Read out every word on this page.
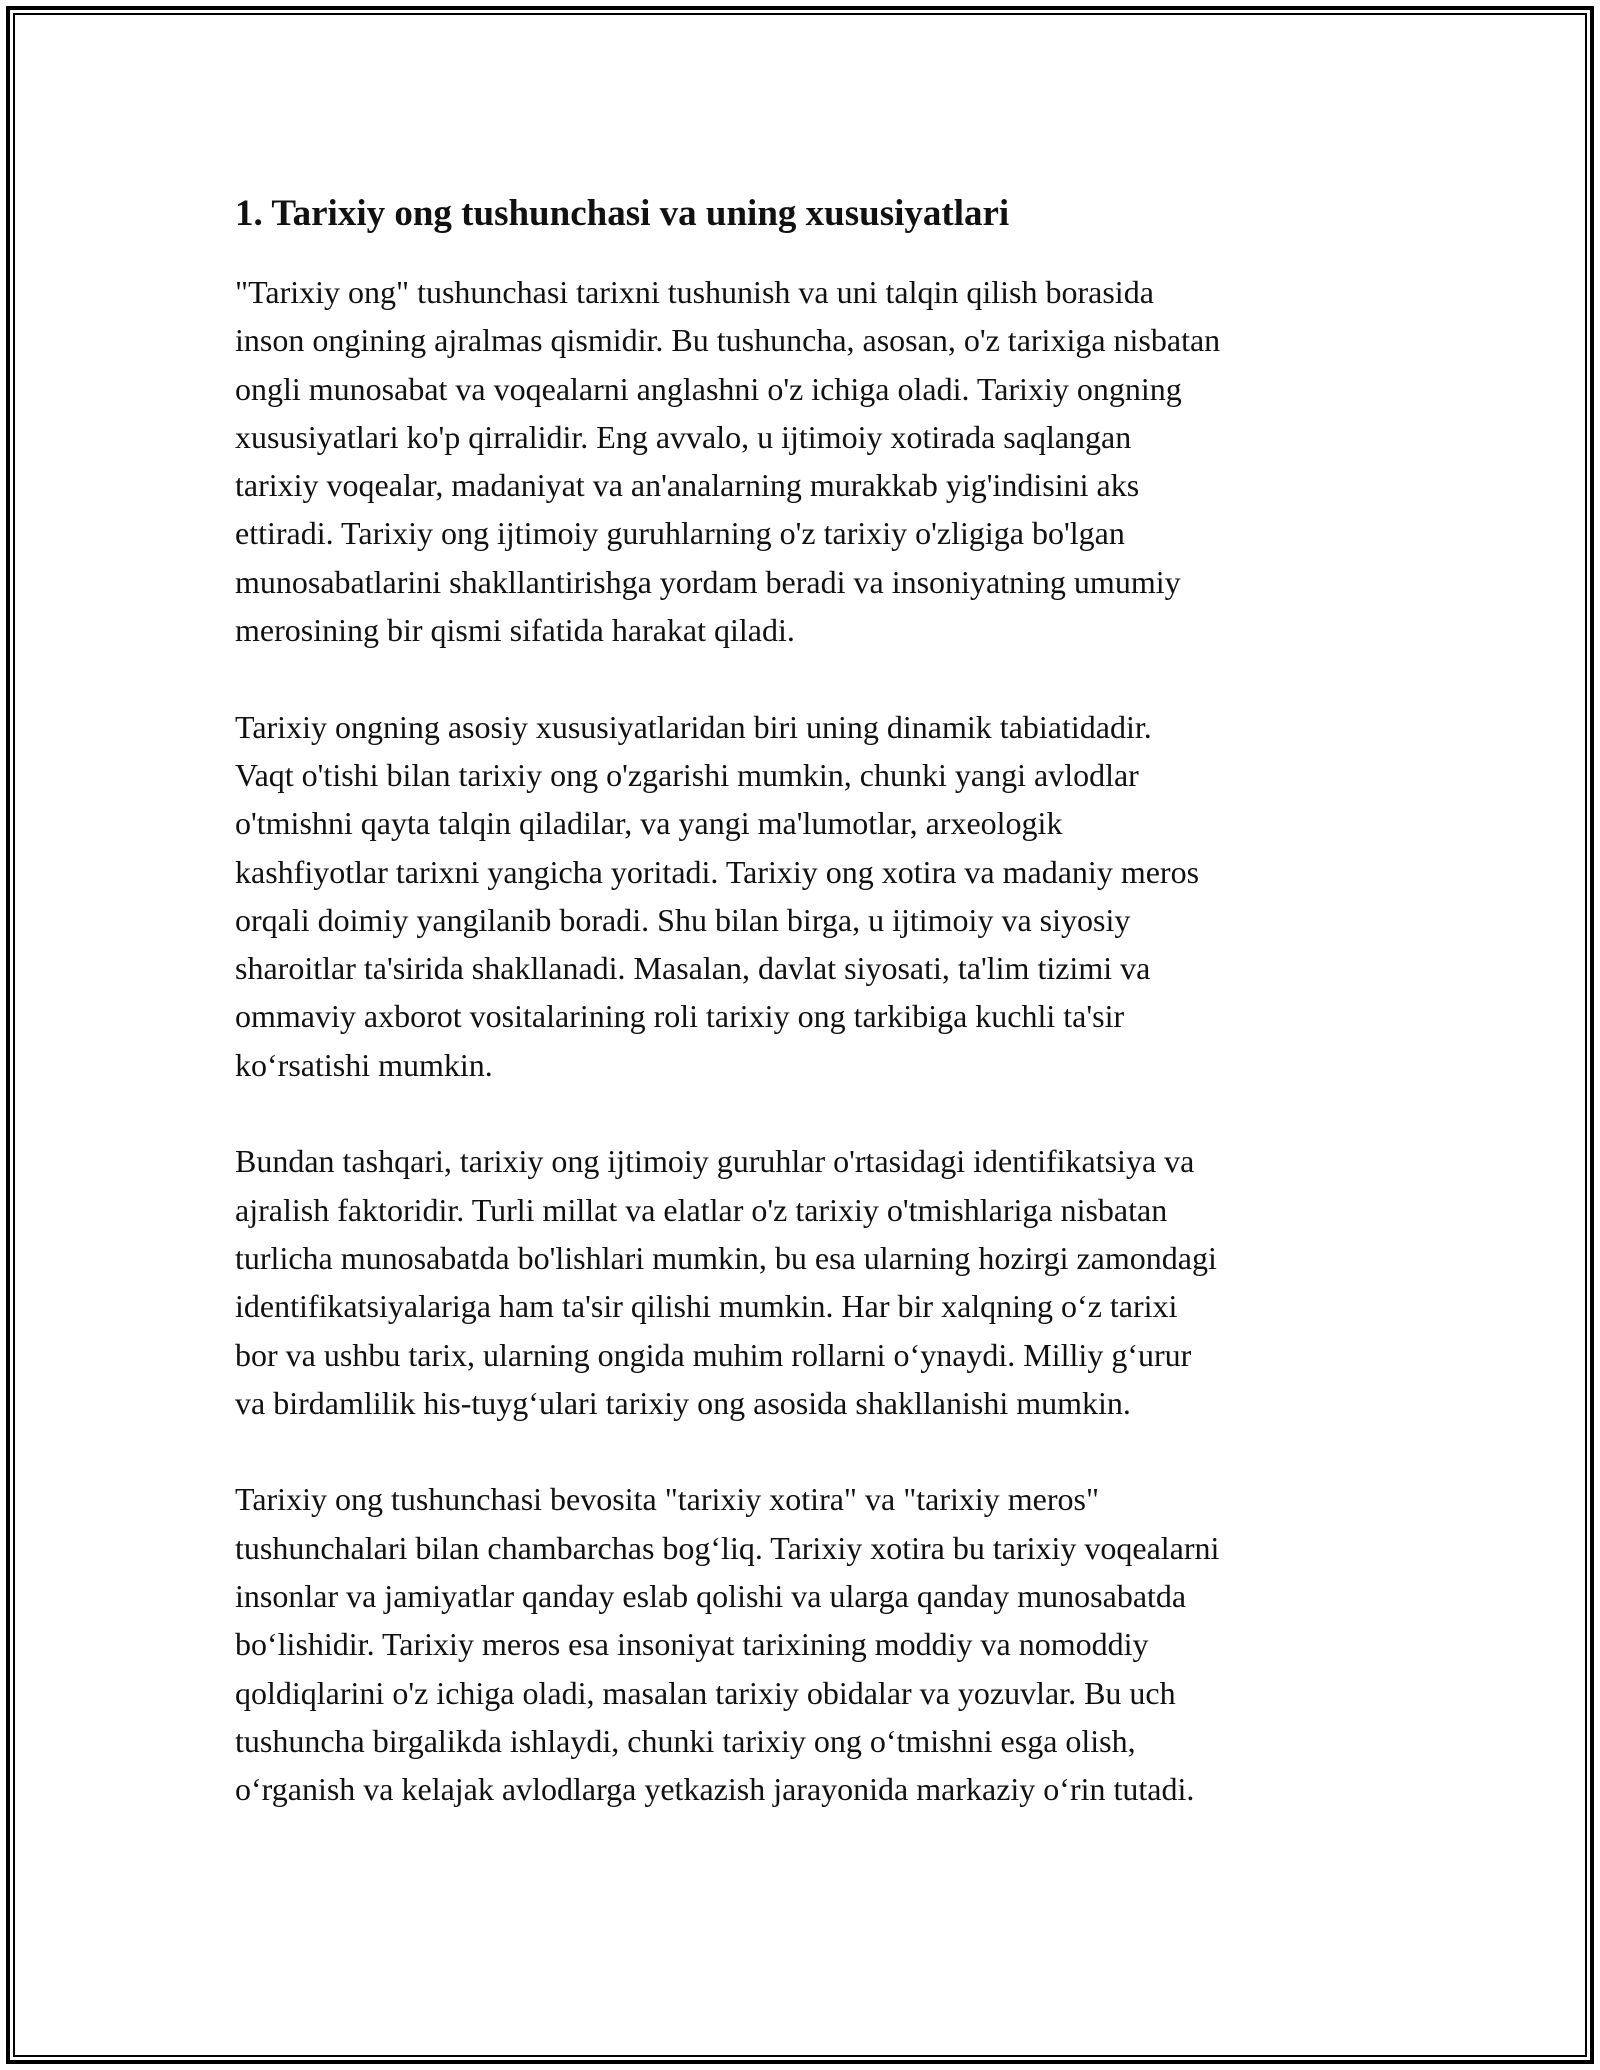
1. Tarixiy ong tushunchasi va uning xususiyatlari

"Tarixiy ong" tushunchasi tarixni tushunish va uni talqin qilish borasida
inson ongining ajralmas qismidir. Bu tushuncha, asosan, o'z tarixiga nisbatan
ongli munosabat va voqealarni anglashni o'z ichiga oladi. Tarixiy ongning
xususiyatlari ko'p qirralidir. Eng avvalo, u ijtimoiy xotirada saqlangan
tarixiy voqealar, madaniyat va an'analarning murakkab yig'indisini aks
ettiradi. Tarixiy ong ijtimoiy guruhlarning o'z tarixiy o'zligiga bo'lgan
munosabatlarini shakllantirishga yordam beradi va insoniyatning umumiy
merosining bir qismi sifatida harakat qiladi.

Tarixiy ongning asosiy xususiyatlaridan biri uning dinamik tabiatidadir.
Vaqt o'tishi bilan tarixiy ong o'zgarishi mumkin, chunki yangi avlodlar
o'tmishni qayta talqin qiladilar, va yangi ma'lumotlar, arxeologik
kashfiyotlar tarixni yangicha yoritadi. Tarixiy ong xotira va madaniy meros
orqali doimiy yangilanib boradi. Shu bilan birga, u ijtimoiy va siyosiy
sharoitlar ta'sirida shakllanadi. Masalan, davlat siyosati, ta'lim tizimi va
ommaviy axborot vositalarining roli tarixiy ong tarkibiga kuchli ta'sir
ko‘rsatishi mumkin.

Bundan tashqari, tarixiy ong ijtimoiy guruhlar o'rtasidagi identifikatsiya va
ajralish faktoridir. Turli millat va elatlar o'z tarixiy o'tmishlariga nisbatan
turlicha munosabatda bo'lishlari mumkin, bu esa ularning hozirgi zamondagi
identifikatsiyalariga ham ta'sir qilishi mumkin. Har bir xalqning o‘z tarixi
bor va ushbu tarix, ularning ongida muhim rollarni o‘ynaydi. Milliy g‘urur
va birdamlilik his-tuyg‘ulari tarixiy ong asosida shakllanishi mumkin.

Tarixiy ong tushunchasi bevosita "tarixiy xotira" va "tarixiy meros"
tushunchalari bilan chambarchas bog‘liq. Tarixiy xotira bu tarixiy voqealarni
insonlar va jamiyatlar qanday eslab qolishi va ularga qanday munosabatda
bo‘lishidir. Tarixiy meros esa insoniyat tarixining moddiy va nomoddiy
qoldiqlarini o'z ichiga oladi, masalan tarixiy obidalar va yozuvlar. Bu uch
tushuncha birgalikda ishlaydi, chunki tarixiy ong o‘tmishni esga olish,
o‘rganish va kelajak avlodlarga yetkazish jarayonida markaziy o‘rin tutadi.
